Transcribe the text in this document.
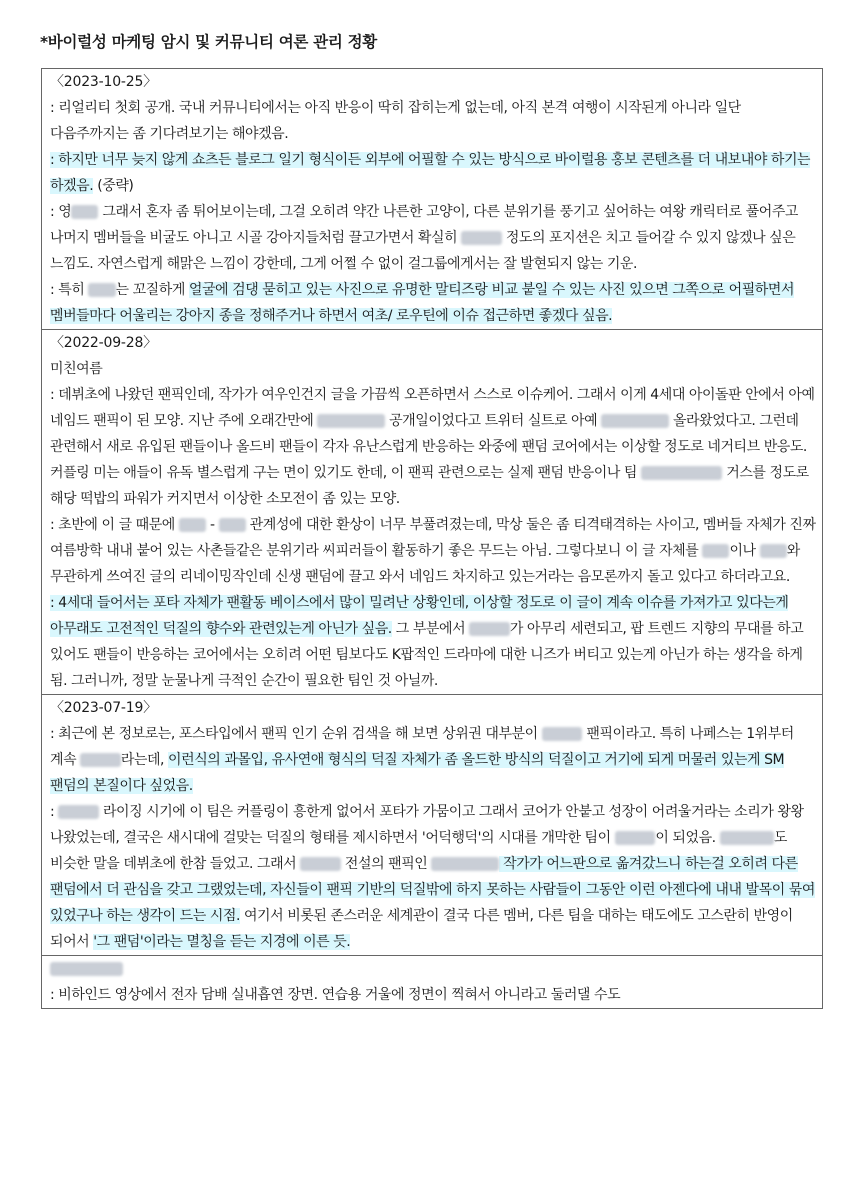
*바이럴성 마케팅 암시 및 커뮤니티 여론 관리 정황
〈2023-10-25〉
: 리얼리티 첫회 공개. 국내 커뮤니티에서는 아직 반응이 딱히 잡히는게 없는데, 아직 본격 여행이 시작된게 아니라 일단 다음주까지는 좀 기다려보기는 해야겠음.
: 하지만 너무 늦지 않게 쇼츠든 블로그 일기 형식이든 외부에 어필할 수 있는 방식으로 바이럴용 홍보 콘텐츠를 더 내보내야 하기는 하겠음. (중략)
: 영 그래서 혼자 좀 튀어보이는데, 그걸 오히려 약간 나른한 고양이, 다른 분위기를 풍기고 싶어하는 여왕 캐릭터로 풀어주고 나머지 멤버들을 비굴도 아니고 시골 강아지들처럼 끌고가면서 확실히	정도의 포지션은 치고 들어갈 수 있지 않겠나 싶은 느낌도. 자연스럽게 해맑은 느낌이 강한데, 그게 어쩔 수 없이 걸그룹에게서는 잘 발현되지 않는 기운.
: 특히 는 꼬질하게 얼굴에 검댕 묻히고 있는 사진으로 유명한 말티즈랑 비교 붙일 수 있는 사진 있으면 그쪽으로 어필하면서 멤버들마다 어울리는 강아지 종을 정해주거나 하면서 여초/ 로우틴에 이슈 접근하면 좋겠다 싶음.
〈2022-09-28〉
미친여름
: 데뷔초에 나왔던 팬픽인데, 작가가 여우인건지 글을 가끔씩 오픈하면서 스스로 이슈케어. 그래서 이게 4세대 아이돌판 안에서 아예 네임드 팬픽이 된 모양. 지난 주에 오래간만에	공개일이었다고 트위터 실트로 아예	올라왔었다고. 그런데 관련해서 새로 유입된 팬들이나 올드비 팬들이 각자 유난스럽게 반응하는 와중에 팬덤 코어에서는 이상할 정도로 네거티브 반응도. 커플링 미는 애들이 유독 별스럽게 구는 면이 있기도 한데, 이 팬픽 관련으로는 실제 팬덤 반응이나 팀	거스를 정도로 해당 떡밥의 파워가 커지면서 이상한 소모전이 좀 있는 모양.
: 초반에 이 글 때문에  -  관계성에 대한 환상이 너무 부풀려졌는데, 막상 둘은 좀 티격태격하는 사이고, 멤버들 자체가 진짜 여름방학 내내 붙어 있는 사촌들같은 분위기라 씨피러들이 활동하기 좋은 무드는 아님. 그렇다보니 이 글 자체를 이나 와 무관하게 쓰여진 글의 리네이밍작인데 신생 팬덤에 끌고 와서 네임드 차지하고 있는거라는 음모론까지 돌고 있다고 하더라고요.
: 4세대 들어서는 포타 자체가 팬활동 베이스에서 많이 밀려난 상황인데, 이상할 정도로 이 글이 계속 이슈를 가져가고 있다는게 아무래도 고전적인 덕질의 향수와 관련있는게 아닌가 싶음. 그 부분에서	가 아무리 세련되고, 팝 트렌드 지향의 무대를 하고 있어도 팬들이 반응하는 코어에서는 오히려 어떤 팀보다도 K팝적인 드라마에 대한 니즈가 버티고 있는게 아닌가 하는 생각을 하게 됨. 그러니까, 정말 눈물나게 극적인 순간이 필요한 팀인 것 아닐까.
〈2023-07-19〉
: 최근에 본 정보로는, 포스타입에서 팬픽 인기 순위 검색을 해 보면 상위권 대부분이	팬픽이라고. 특히 나페스는 1위부터 계속	라는데, 이런식의 과몰입, 유사연애 형식의 덕질 자체가 좀 올드한 방식의 덕질이고 거기에 되게 머물러 있는게 SM 팬덤의 본질이다 싶었음.
:	라이징 시기에 이 팀은 커플링이 흥한게 없어서 포타가 가뭄이고 그래서 코어가 안붙고 성장이 어려울거라는 소리가 왕왕 나왔었는데, 결국은 새시대에 걸맞는 덕질의 형태를 제시하면서 '어덕행덕'의 시대를 개막한 팀이	이 되었음.	도 비슷한 말을 데뷔초에 한참 들었고. 그래서	전설의 팬픽인	작가가 어느판으로 옮겨갔느니 하는걸 오히려 다른 팬덤에서 더 관심을 갖고 그랬었는데, 자신들이 팬픽 기반의 덕질밖에 하지 못하는 사람들이 그동안 이런 아젠다에 내내 발목이 묶여 있었구나 하는 생각이 드는 시점. 여기서 비롯된 존스러운 세계관이 결국 다른 멤버, 다른 팀을 대하는 태도에도 고스란히 반영이 되어서 '그 팬덤'이라는 멸칭을 듣는 지경에 이른 듯.
: 비하인드 영상에서 전자 담배 실내흡연 장면. 연습용 거울에 정면이 찍혀서 아니라고 둘러댈 수도
